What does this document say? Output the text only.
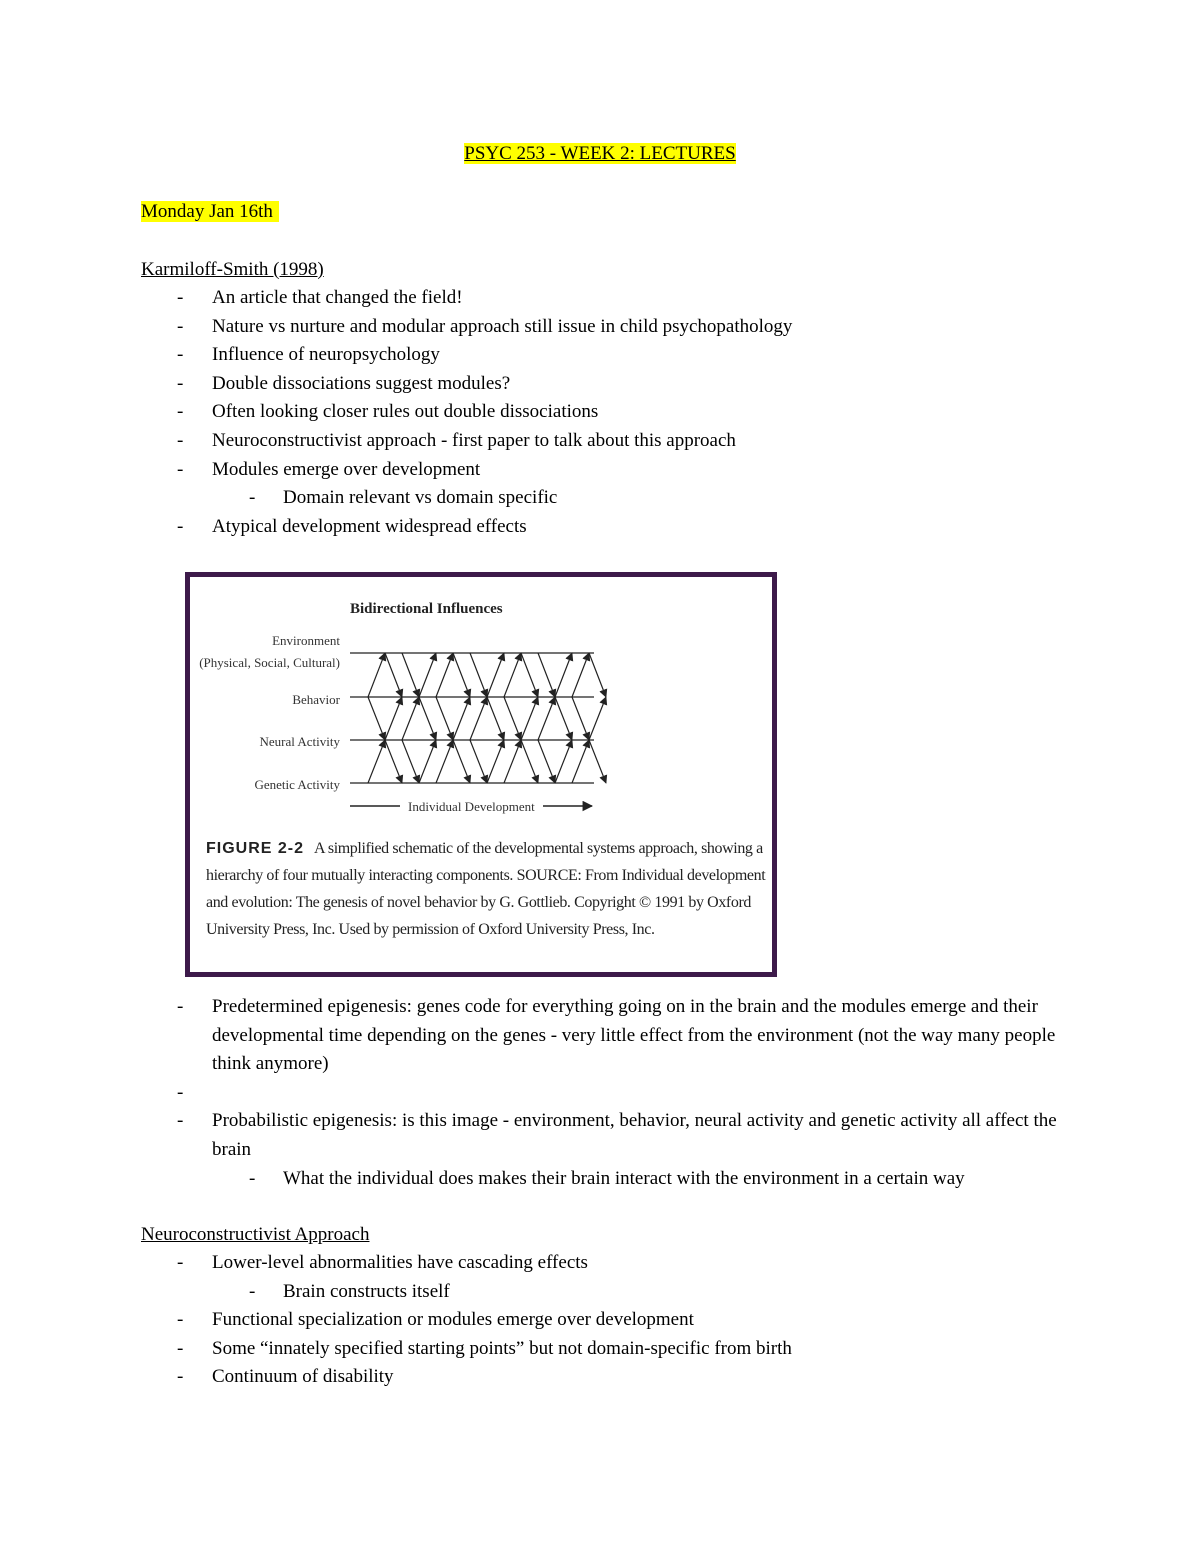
PSYC 253 - WEEK 2: LECTURES
Monday Jan 16th
Karmiloff-Smith (1998)
- An article that changed the field!
- Nature vs nurture and modular approach still issue in child psychopathology
- Influence of neuropsychology
- Double dissociations suggest modules?
- Often looking closer rules out double dissociations
- Neuroconstructivist approach - first paper to talk about this approach
- Modules emerge over development
- Domain relevant vs domain specific
- Atypical development widespread effects
Bidirectional Influences
Environment
(Physical, Social, Cultural)
Behavior
Neural Activity
Genetic Activity
Individual Development
FIGURE 2-2 A simplified schematic of the developmental systems approach, showing a hierarchy of four mutually interacting components. SOURCE: From Individual development and evolution: The genesis of novel behavior by G. Gottlieb. Copyright © 1991 by Oxford University Press, Inc. Used by permission of Oxford University Press, Inc.
- Predetermined epigenesis: genes code for everything going on in the brain and the modules emerge and their developmental time depending on the genes - very little effect from the environment (not the way many people think anymore)
-
- Probabilistic epigenesis: is this image - environment, behavior, neural activity and genetic activity all affect the brain
- What the individual does makes their brain interact with the environment in a certain way
Neuroconstructivist Approach
- Lower-level abnormalities have cascading effects
- Brain constructs itself
- Functional specialization or modules emerge over development
- Some “innately specified starting points” but not domain-specific from birth
- Continuum of disability
